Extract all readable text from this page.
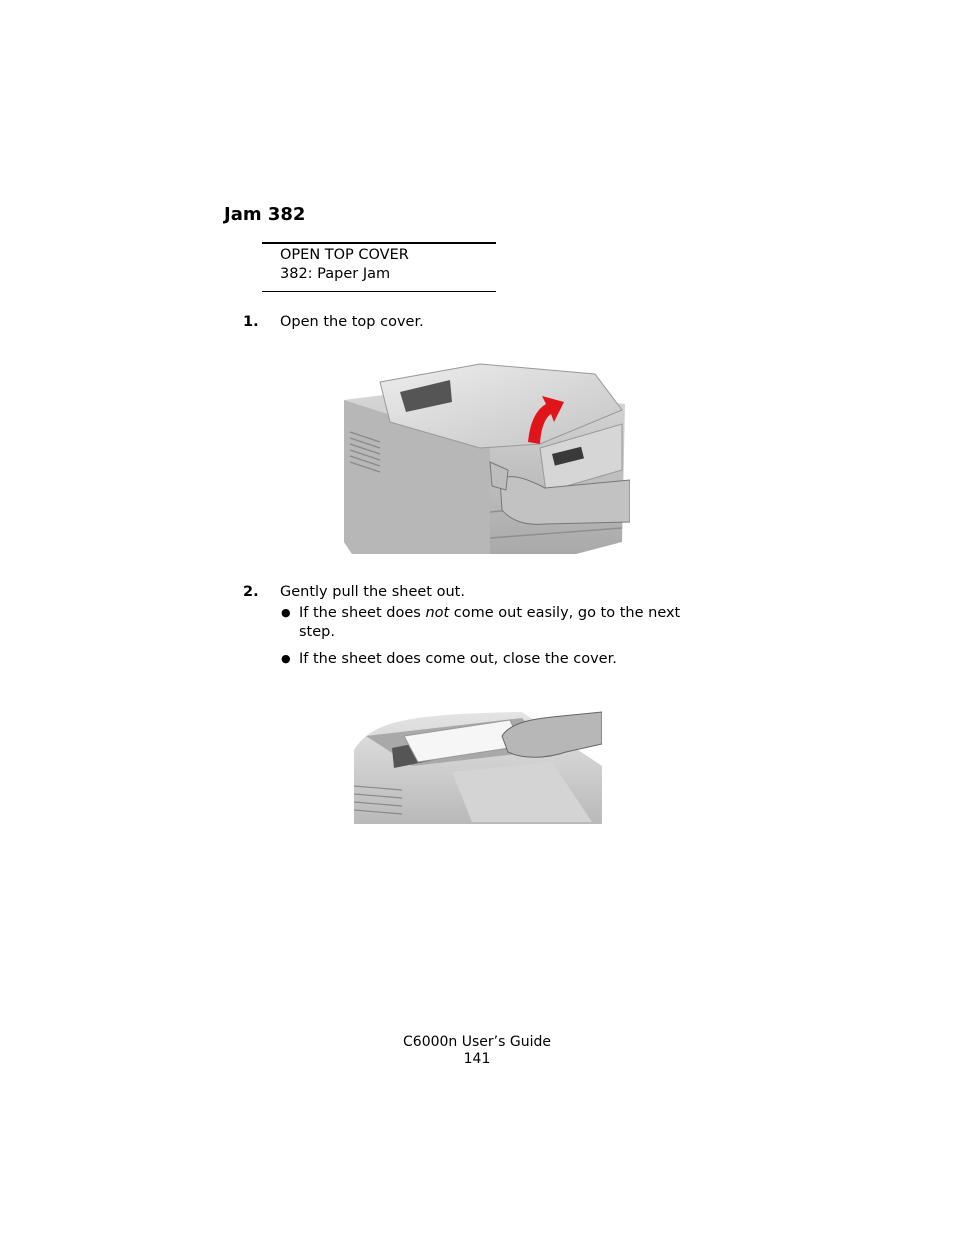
Jam 382
OPEN TOP COVER
382: Paper Jam
1. Open the top cover.
2. Gently pull the sheet out.
● If the sheet does not come out easily, go to the next
step.
● If the sheet does come out, close the cover.
C6000n User’s Guide
141
